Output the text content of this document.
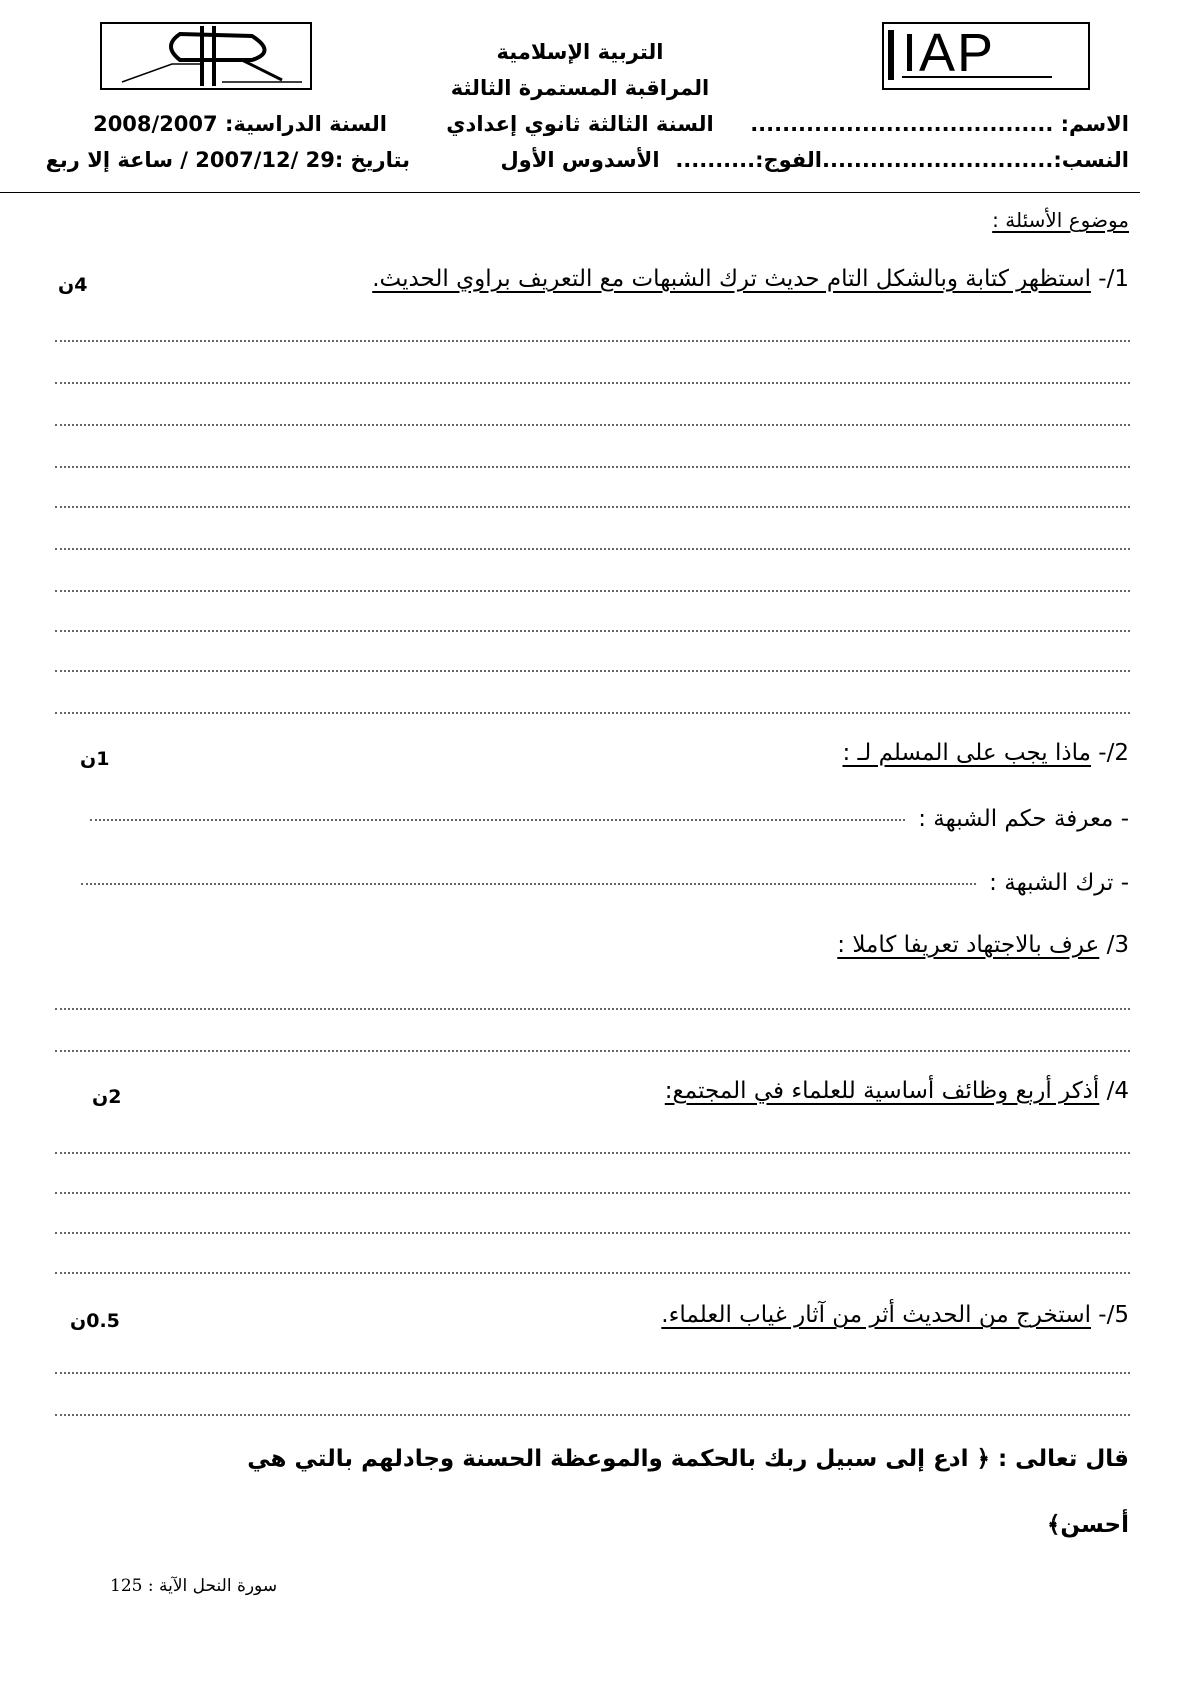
IAP
التربية الإسلامية
المراقبة المستمرة الثالثة
السنة الثالثة ثانوي إعدادي
الأسدوس الأول
السنة الدراسية: 2008/2007
بتاريخ :29 /2007/12 / ساعة إلا ربع
الاسم: ......................................
النسب:.............................الفوج:..........
موضوع الأسئلة :
1/- استظهر كتابة وبالشكل التام حديث ترك الشبهات مع التعريف براوي الحديث.
4ن
2/- ماذا يجب على المسلم لـ :
1ن
- معرفة حكم الشبهة :
- ترك الشبهة :
3/ عرف بالاجتهاد تعريفا كاملا :
4/ أذكر أربع وظائف أساسية للعلماء في المجتمع:
2ن
5/- استخرج من الحديث أثر من آثار غياب العلماء.
0.5ن
قال تعالى : ﴿ ادع إلى سبيل ربك بالحكمة والموعظة الحسنة وجادلهم بالتي هي
أحسن﴾
سورة النحل الآية : 125
